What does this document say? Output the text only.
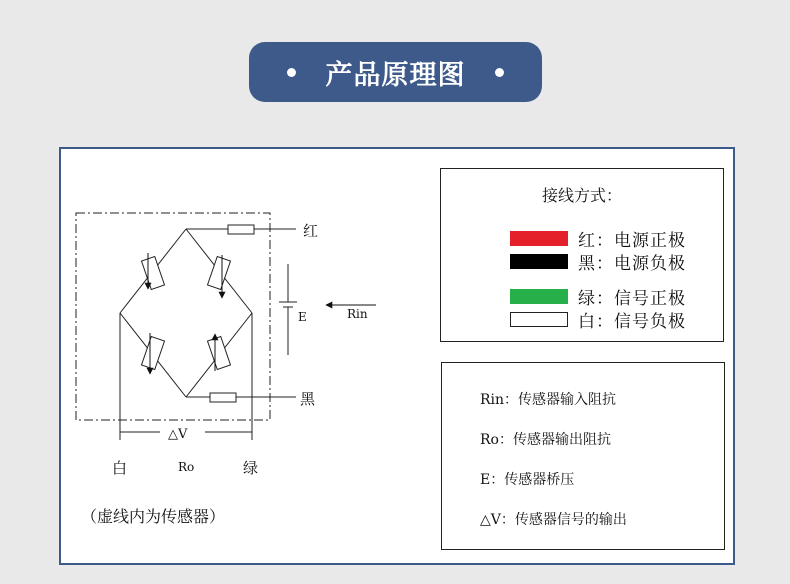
产品原理图
红
黑
E	Rin
△V
白	Ro	绿
（虚线内为传感器）
接线方式：
红：电源正极
黑：电源负极
绿：信号正极
白：信号负极
Rin：传感器输入阻抗
Ro：传感器输出阻抗
E：传感器桥压
△V：传感器信号的输出
